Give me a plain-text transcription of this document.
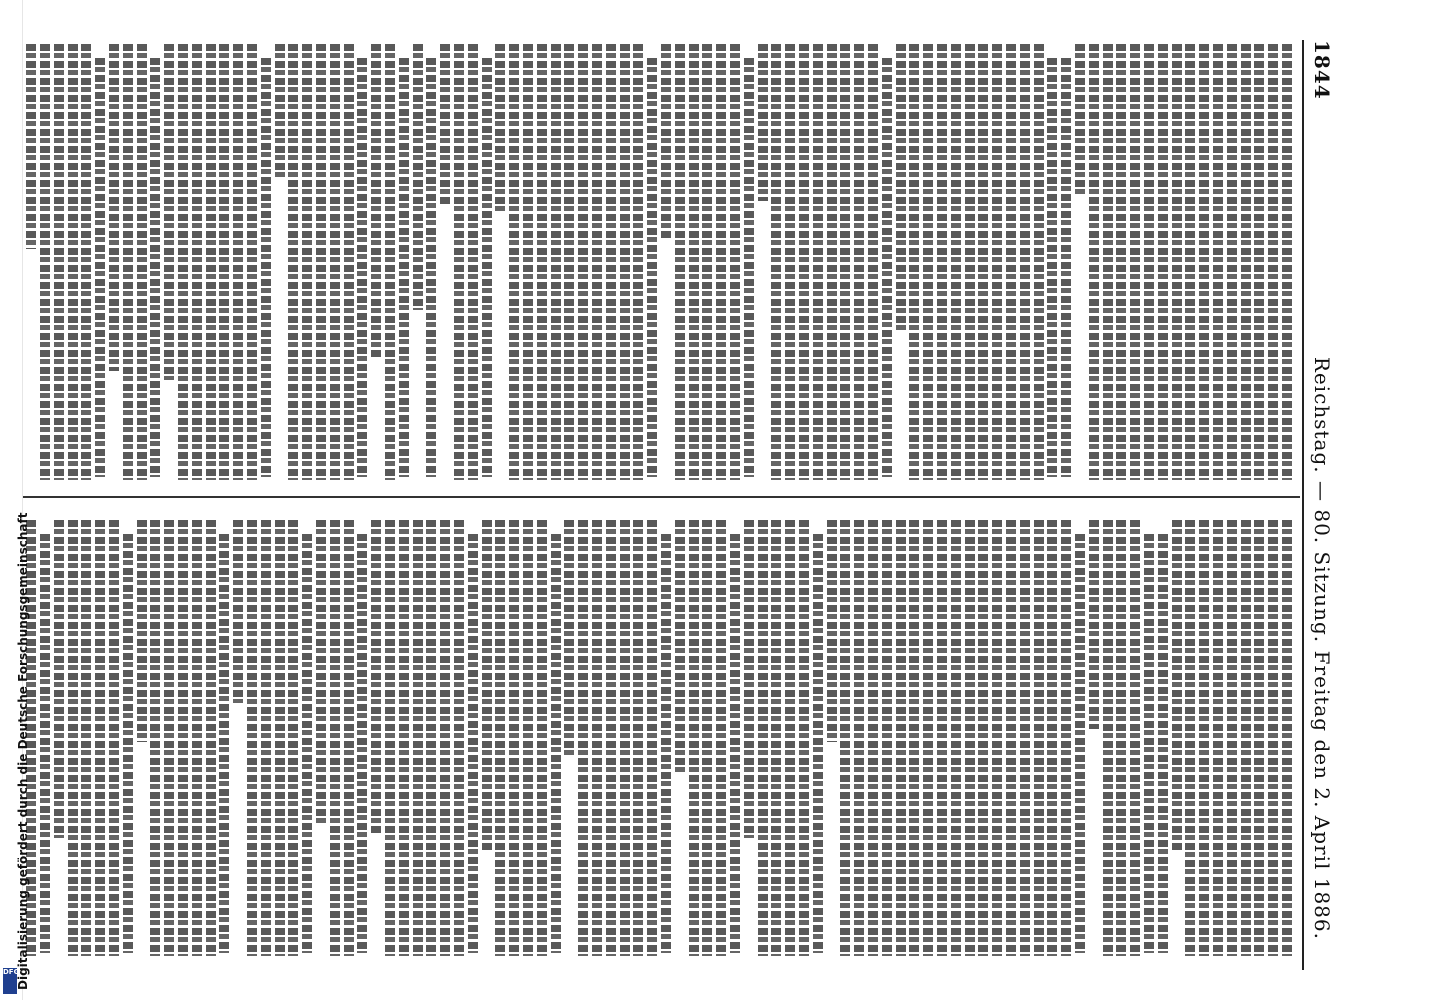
1844
Reichstag. — 80. Sitzung.
Freitag den 2. April 1886.
DFG
Digitalisierung gefördert durch die Deutsche Forschungsgemeinschaft
